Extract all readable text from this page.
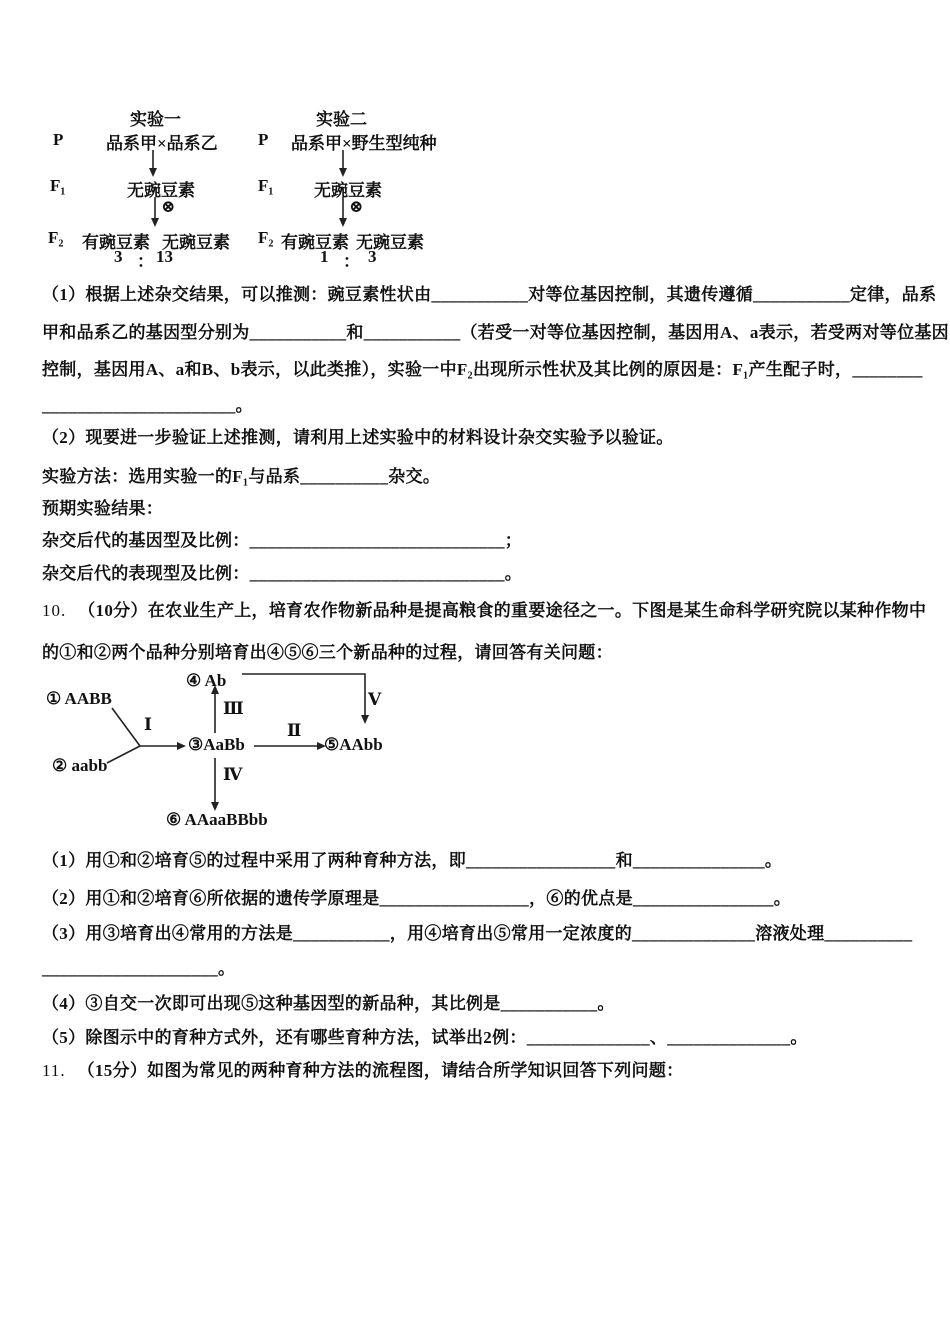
实验一
P	品系甲×品系乙
F₁	无豌豆素
⊗
F₂ 有豌豆素 无豌豆素
3 ： 13
实验二
P 品系甲×野生型纯种
F₁ 无豌豆素
⊗
F₂ 有豌豆素 无豌豆素
1 ： 3
（1）根据上述杂交结果，可以推测：豌豆素性状由___________对等位基因控制，其遗传遵循___________定律，品系
甲和品系乙的基因型分别为___________和___________（若受一对等位基因控制，基因用A、a表示，若受两对等位基因
控制，基因用A、a和B、b表示，以此类推），实验一中F₂出现所示性状及其比例的原因是：F₁产生配子时，________
______________________。
（2）现要进一步验证上述推测，请利用上述实验中的材料设计杂交实验予以验证。
实验方法：选用实验一的F₁与品系__________杂交。
预期实验结果：
杂交后代的基因型及比例：_____________________________；
杂交后代的表现型及比例：_____________________________。
10. （10分）在农业生产上，培育农作物新品种是提高粮食的重要途径之一。下图是某生命科学研究院以某种作物中
的①和②两个品种分别培育出④⑤⑥三个新品种的过程，请回答有关问题：
④ Ab
① AABB
③AaBb	⑤AAbb
② aabb
⑥ AAaaBBbb
Ⅰ	Ⅱ
Ⅲ
Ⅳ
Ⅴ
（1）用①和②培育⑤的过程中采用了两种育种方法，即_________________和_______________。
（2）用①和②培育⑥所依据的遗传学原理是_________________，⑥的优点是________________。
（3）用③培育出④常用的方法是___________，用④培育出⑤常用一定浓度的______________溶液处理__________
____________________。
（4）③自交一次即可出现⑤这种基因型的新品种，其比例是___________。
（5）除图示中的育种方式外，还有哪些育种方法，试举出2例：______________、______________。
11. （15分）如图为常见的两种育种方法的流程图，请结合所学知识回答下列问题：
